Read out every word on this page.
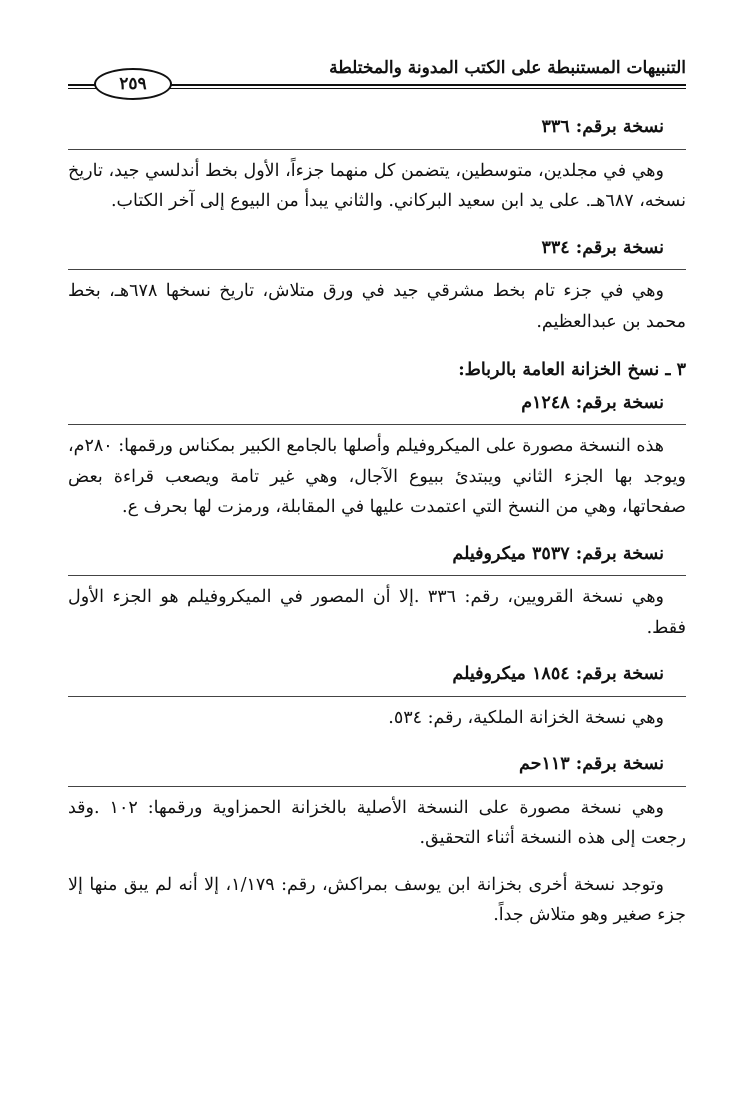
التنبيهات المستنبطة على الكتب المدونة والمختلطة
٢٥٩
نسخة برقم: ٣٣٦

وهي في مجلدين، متوسطين، يتضمن كل منهما جزءاً، الأول بخط أندلسي جيد، تاريخ نسخه، ٦٨٧هـ. على يد ابن سعيد البركاني. والثاني يبدأ من البيوع إلى آخر الكتاب.

نسخة برقم: ٣٣٤

وهي في جزء تام بخط مشرقي جيد في ورق متلاش، تاريخ نسخها ٦٧٨هـ، بخط محمد بن عبدالعظيم.

٣ ـ نسخ الخزانة العامة بالرباط:
نسخة برقم: ١٢٤٨م

هذه النسخة مصورة على الميكروفيلم وأصلها بالجامع الكبير بمكناس ورقمها: ٢٨٠م، ويوجد بها الجزء الثاني ويبتدئ ببيوع الآجال، وهي غير تامة ويصعب قراءة بعض صفحاتها، وهي من النسخ التي اعتمدت عليها في المقابلة، ورمزت لها بحرف ع.

نسخة برقم: ٣٥٣٧ ميكروفيلم

وهي نسخة القرويين، رقم: ٣٣٦ .إلا أن المصور في الميكروفيلم هو الجزء الأول فقط.

نسخة برقم: ١٨٥٤ ميكروفيلم

وهي نسخة الخزانة الملكية، رقم: ٥٣٤.

نسخة برقم: ١١٣حم

وهي نسخة مصورة على النسخة الأصلية بالخزانة الحمزاوية ورقمها: ١٠٢ .وقد رجعت إلى هذه النسخة أثناء التحقيق.

وتوجد نسخة أخرى بخزانة ابن يوسف بمراكش، رقم: ١/١٧٩، إلا أنه لم يبق منها إلا جزء صغير وهو متلاش جداً.
